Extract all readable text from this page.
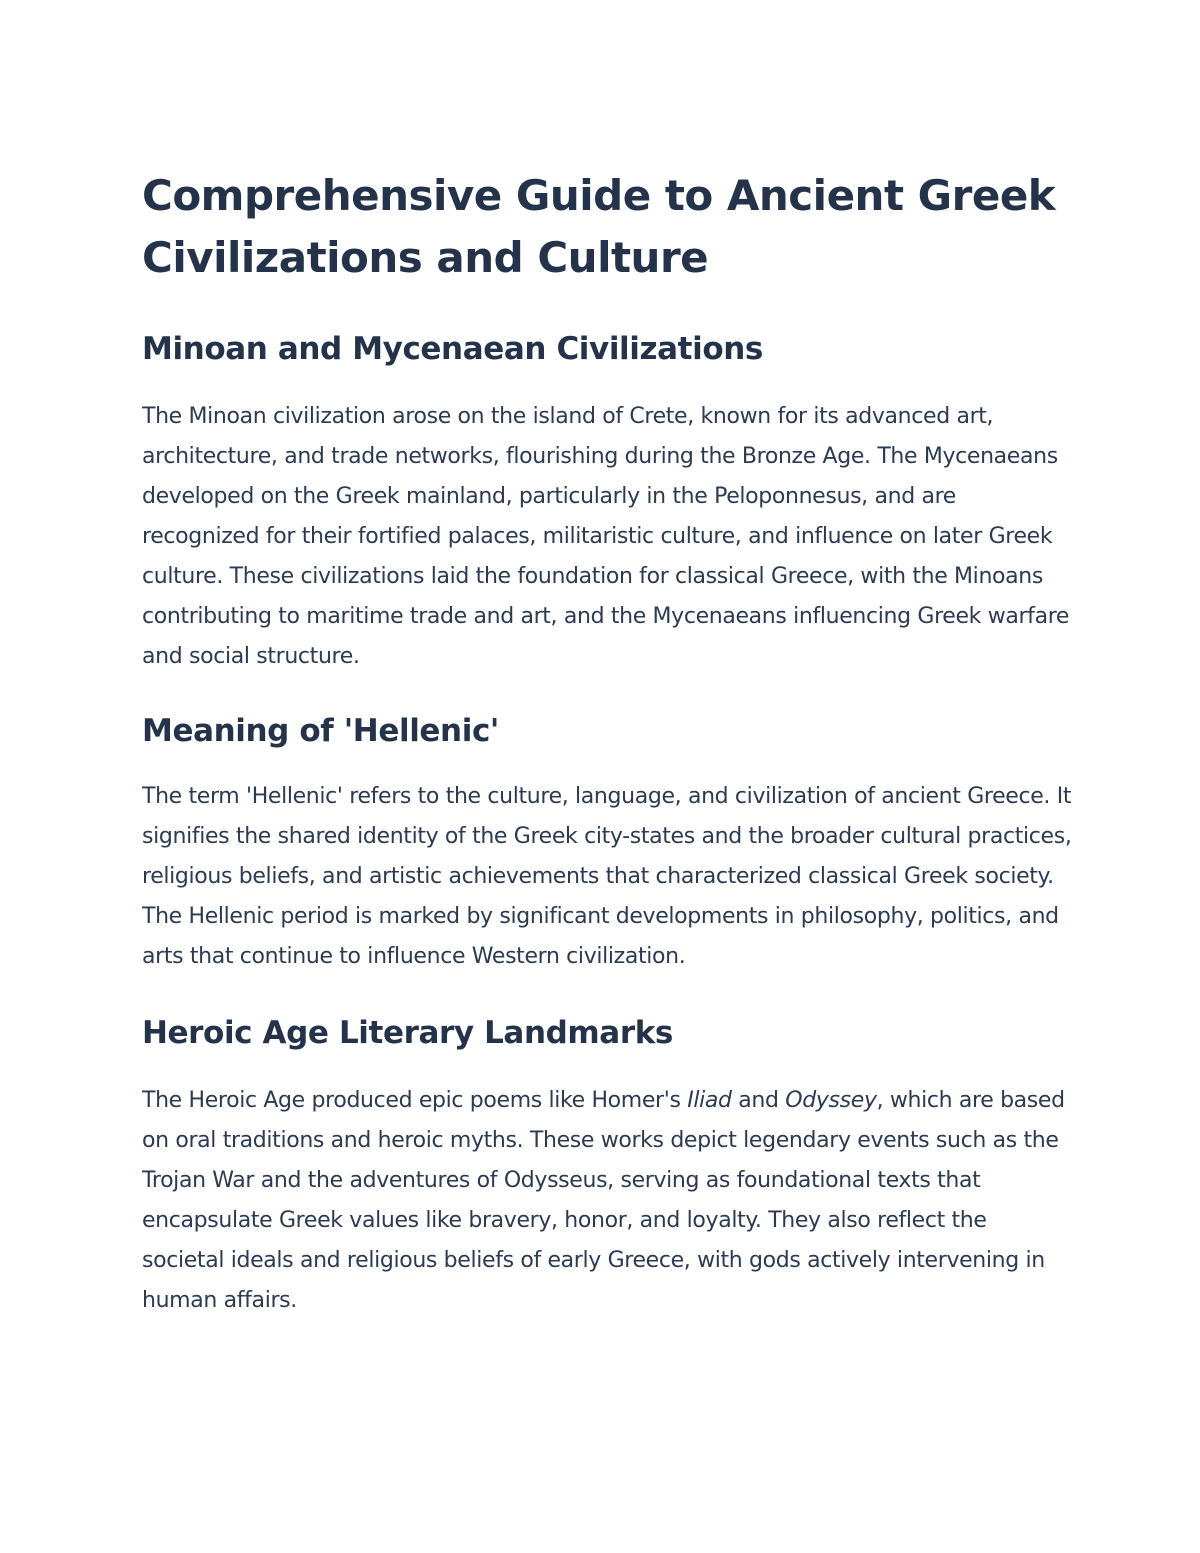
Comprehensive Guide to Ancient Greek Civilizations and Culture
Minoan and Mycenaean Civilizations

The Minoan civilization arose on the island of Crete, known for its advanced art, architecture, and trade networks, flourishing during the Bronze Age. The Mycenaeans developed on the Greek mainland, particularly in the Peloponnesus, and are recognized for their fortified palaces, militaristic culture, and influence on later Greek culture. These civilizations laid the foundation for classical Greece, with the Minoans contributing to maritime trade and art, and the Mycenaeans influencing Greek warfare and social structure.

Meaning of 'Hellenic'

The term 'Hellenic' refers to the culture, language, and civilization of ancient Greece. It signifies the shared identity of the Greek city-states and the broader cultural practices, religious beliefs, and artistic achievements that characterized classical Greek society. The Hellenic period is marked by significant developments in philosophy, politics, and arts that continue to influence Western civilization.

Heroic Age Literary Landmarks

The Heroic Age produced epic poems like Homer's Iliad and Odyssey, which are based on oral traditions and heroic myths. These works depict legendary events such as the Trojan War and the adventures of Odysseus, serving as foundational texts that encapsulate Greek values like bravery, honor, and loyalty. They also reflect the societal ideals and religious beliefs of early Greece, with gods actively intervening in human affairs.
